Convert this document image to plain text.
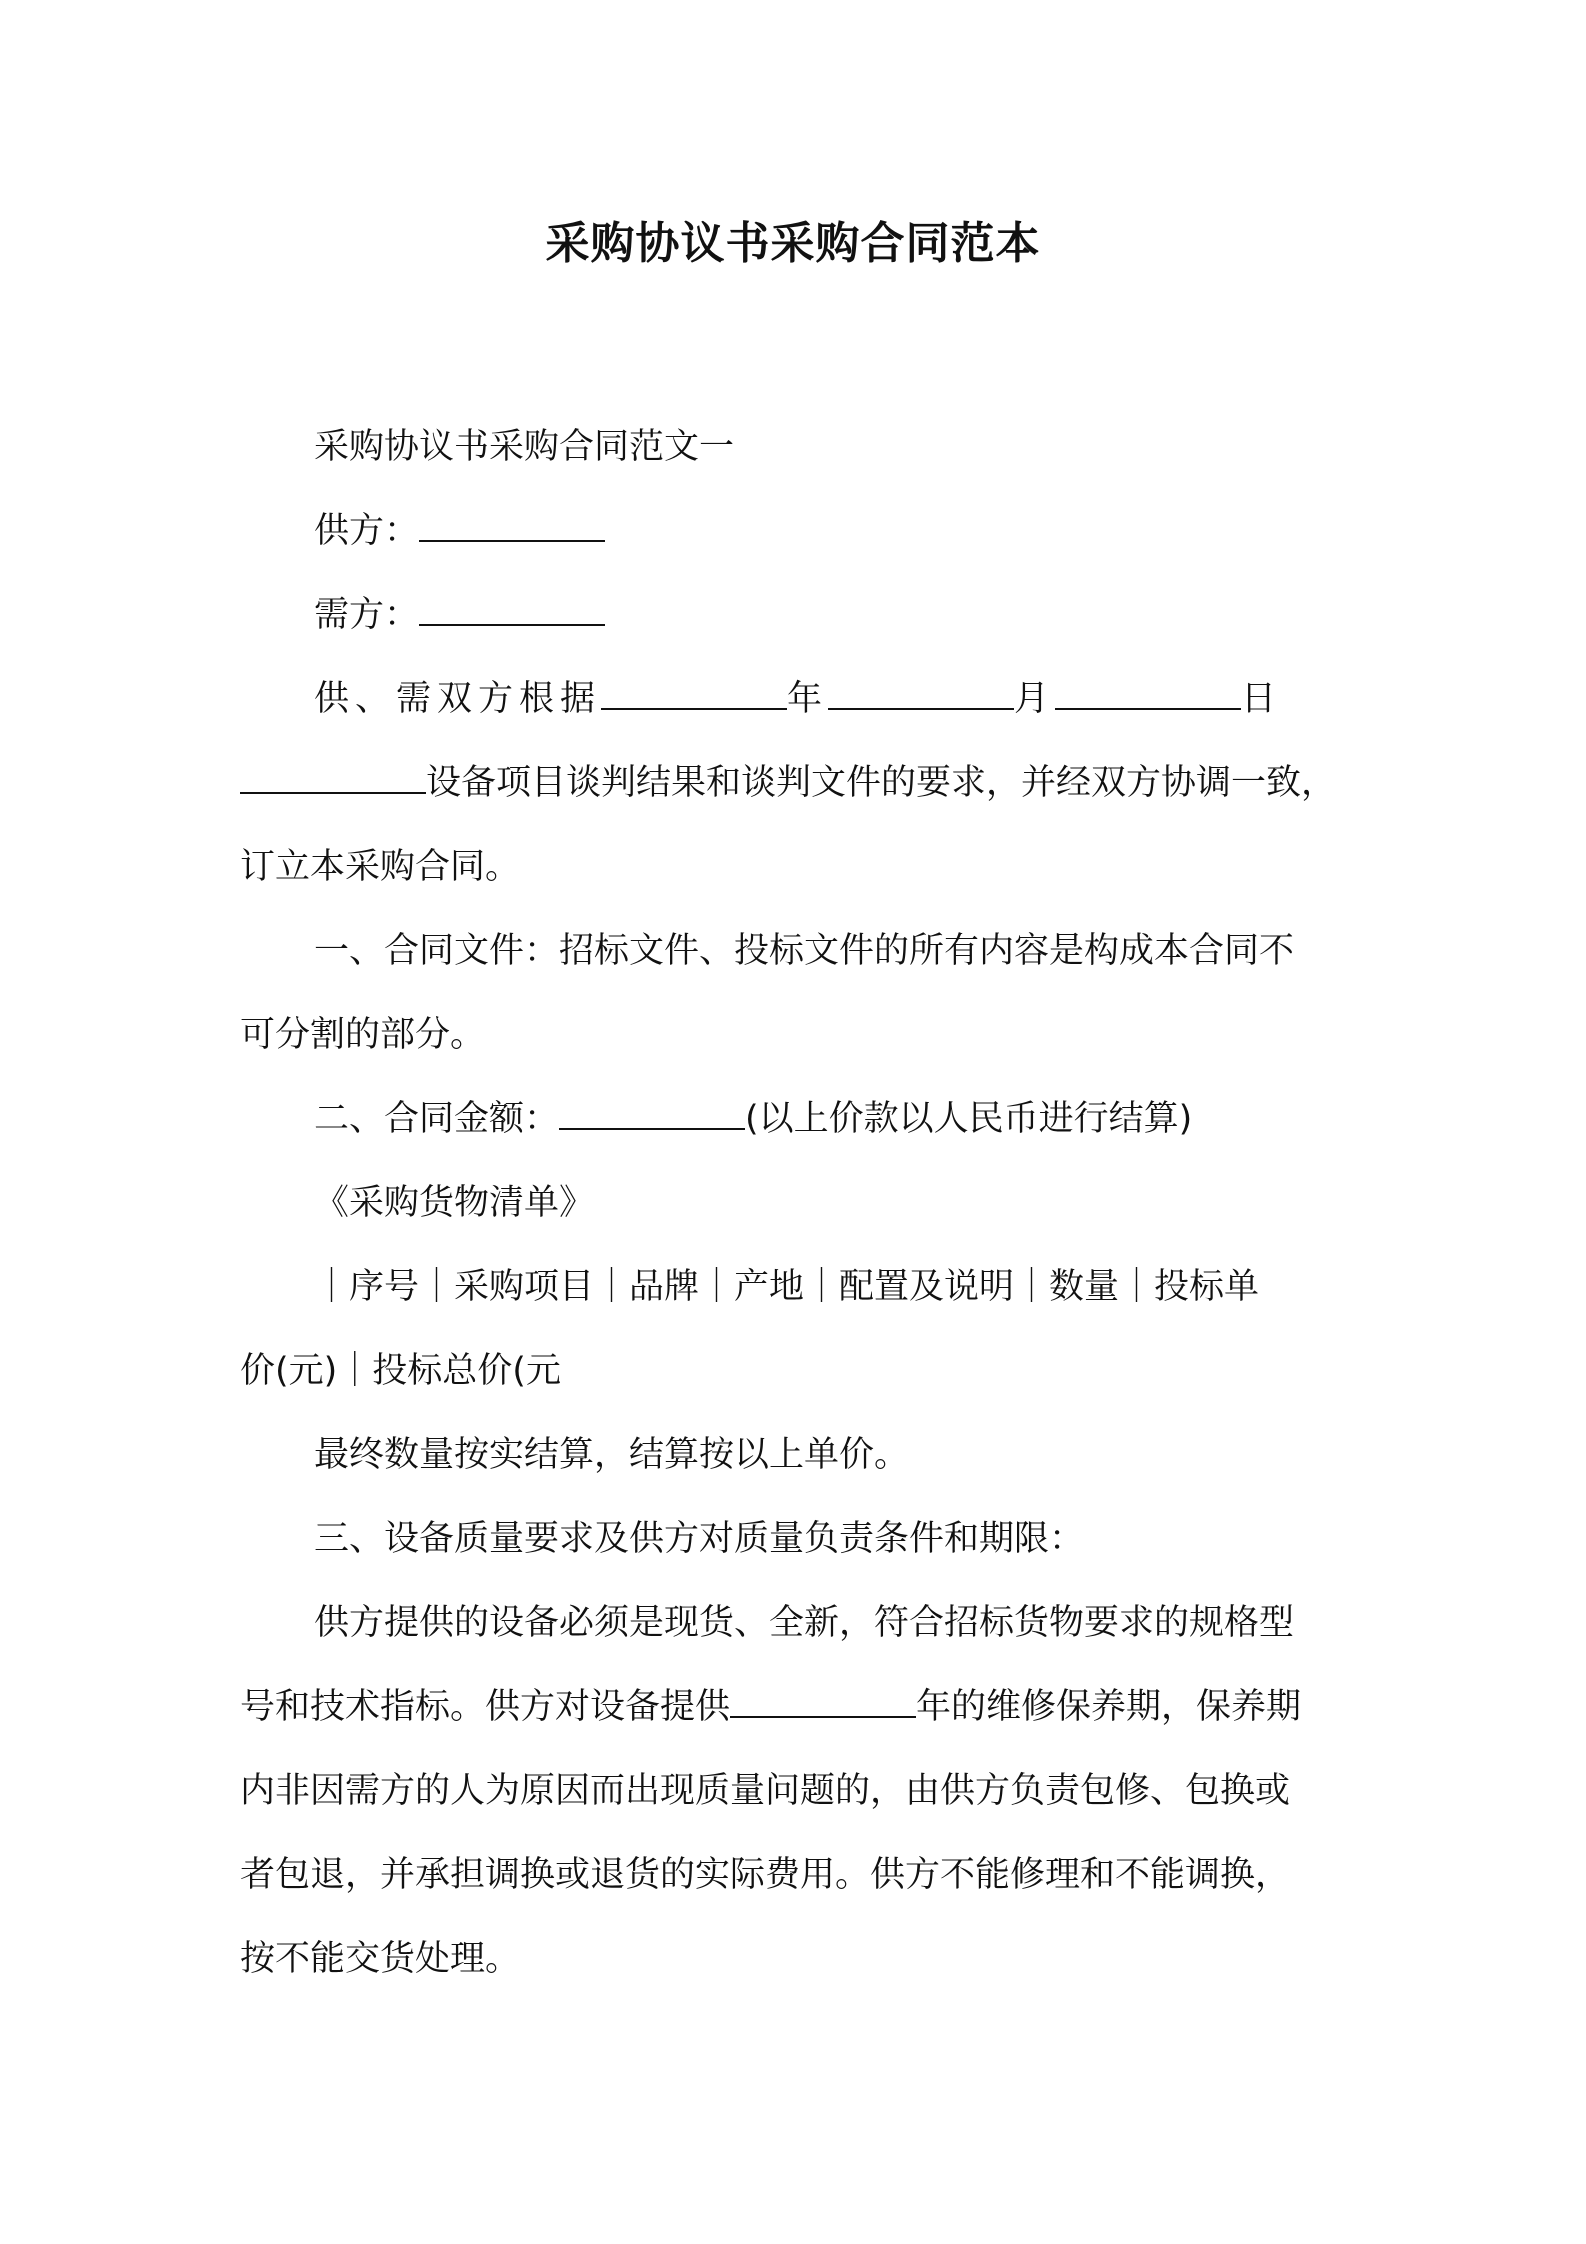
采购协议书采购合同范本

采购协议书采购合同范文一

供方：

需方：

供、需双方根据	年	月	日

设备项目谈判结果和谈判文件的要求，并经双方协调一致，

订立本采购合同。

一、合同文件：招标文件、投标文件的所有内容是构成本合同不

可分割的部分。

二、合同金额：	(以上价款以人民币进行结算)

《采购货物清单》

｜序号｜采购项目｜品牌｜产地｜配置及说明｜数量｜投标单

价(元)｜投标总价(元

最终数量按实结算，结算按以上单价。

三、设备质量要求及供方对质量负责条件和期限：

供方提供的设备必须是现货、全新，符合招标货物要求的规格型

号和技术指标。供方对设备提供	年的维修保养期，保养期

内非因需方的人为原因而出现质量问题的，由供方负责包修、包换或

者包退，并承担调换或退货的实际费用。供方不能修理和不能调换，

按不能交货处理。
